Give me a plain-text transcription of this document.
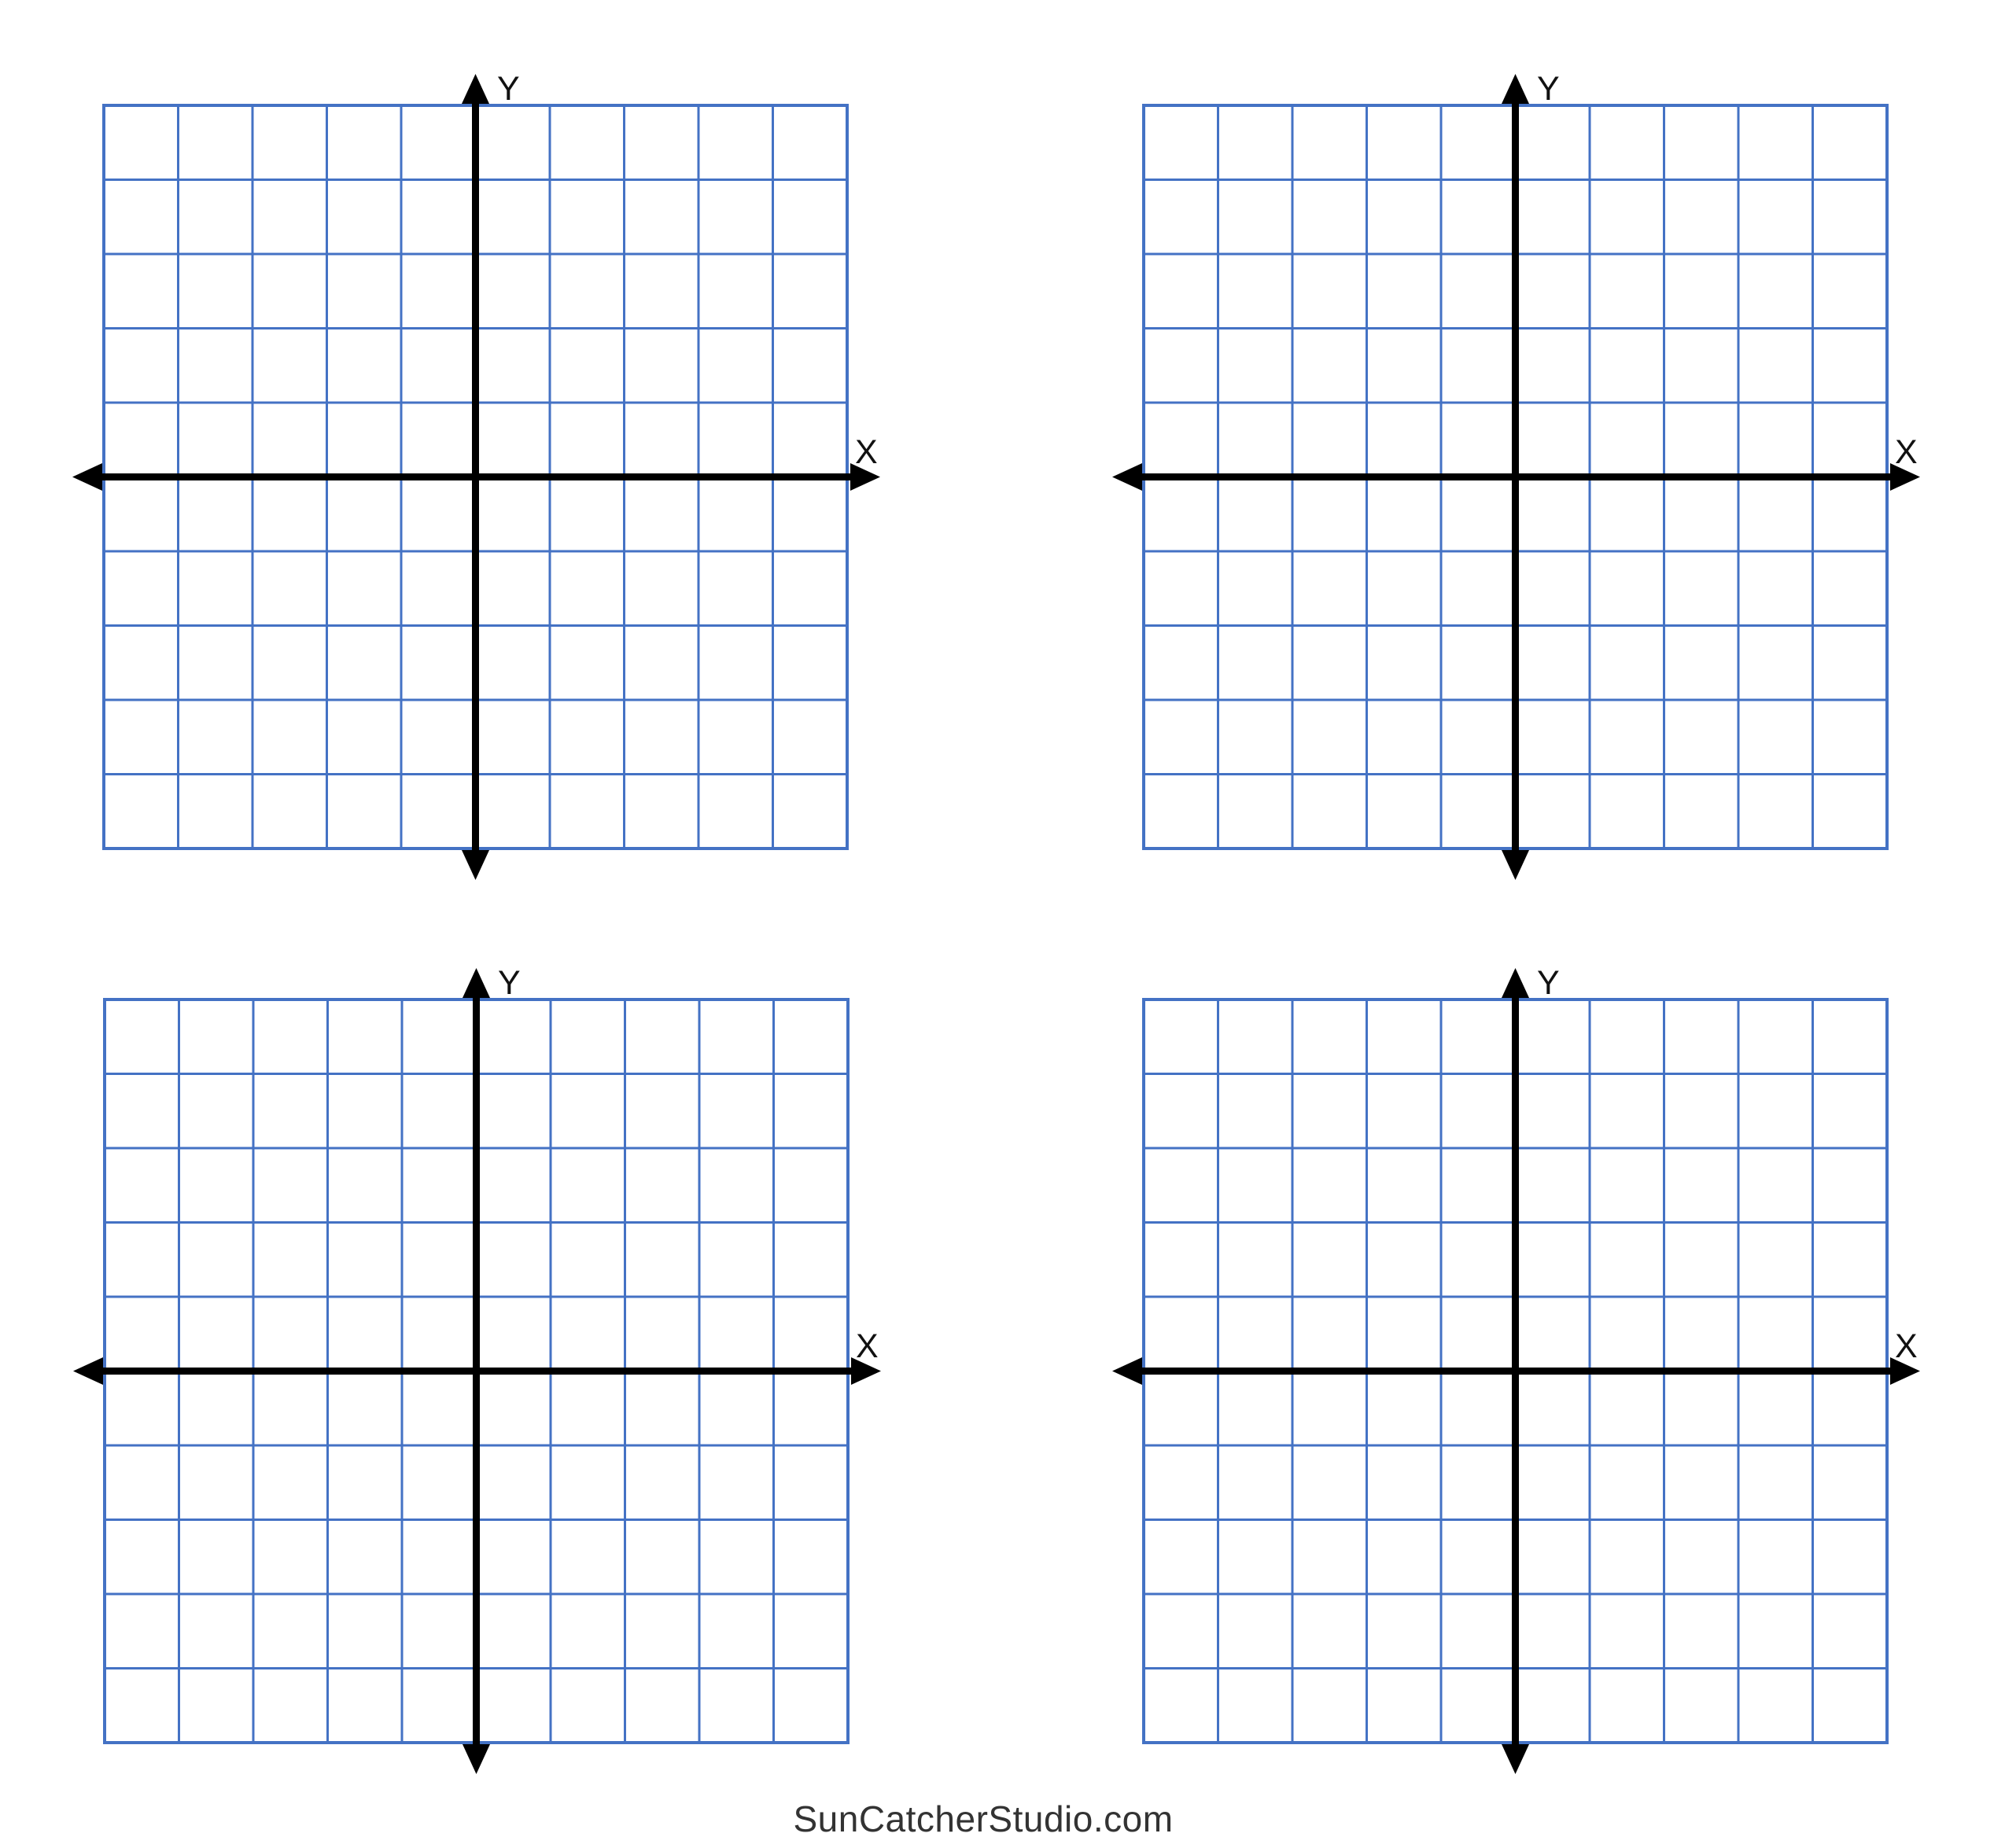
X
Y
X
Y
X
Y
X
Y
SunCatcherStudio.com
